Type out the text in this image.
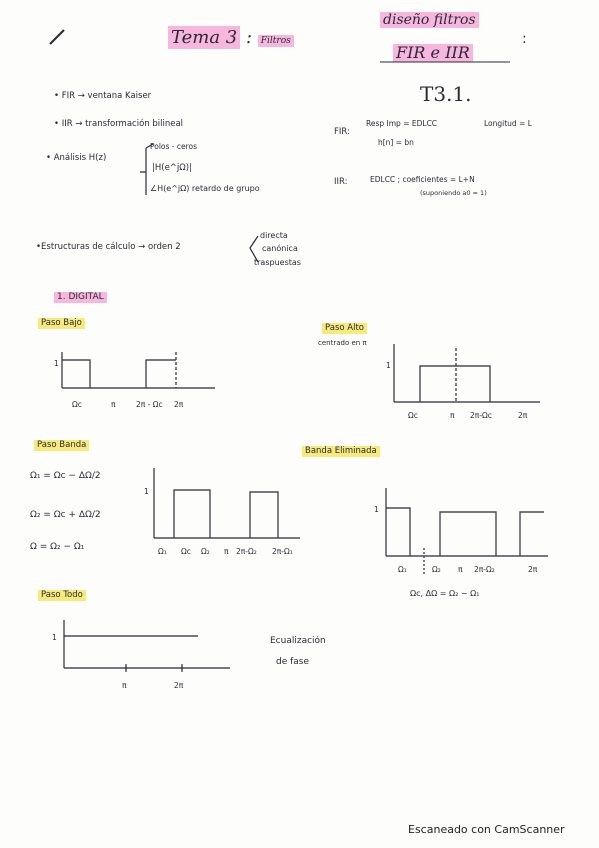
Tema 3 : Filtros
diseño filtros
:
FIR e IIR
T3.1.
• FIR → ventana Kaiser
• IIR → transformación bilineal
• Análisis H(z)
Polos - ceros
|H(e^jΩ)|
∠H(e^jΩ) retardo de grupo
•Estructuras de cálculo → orden 2
directa
canónica
traspuestas
FIR:
Resp Imp = EDLCC	Longitud = L
h[n] = bn
IIR:	EDLCC ; coeficientes = L+N
(suponiendo a0 = 1)
1. DIGITAL
Paso Bajo	Paso Alto
centrado en π
Paso Banda
Banda Eliminada
Paso Todo
Ecualización
de fase
Ω₁ = Ωc − ΔΩ/2
Ω₂ = Ωc + ΔΩ/2
Ω = Ω₂ − Ω₁
Ωc, ΔΩ = Ω₂ − Ω₁
1
Ωc	π	2π - Ωc 2π
1
Ωc	π 2π-Ωc	2π
1
Ω₁ Ωc Ω₂ π 2π-Ω₂ 2π-Ω₁
1
Ω₁	Ω₂ π 2π-Ω₂	2π
1
π	2π
Escaneado con CamScanner
